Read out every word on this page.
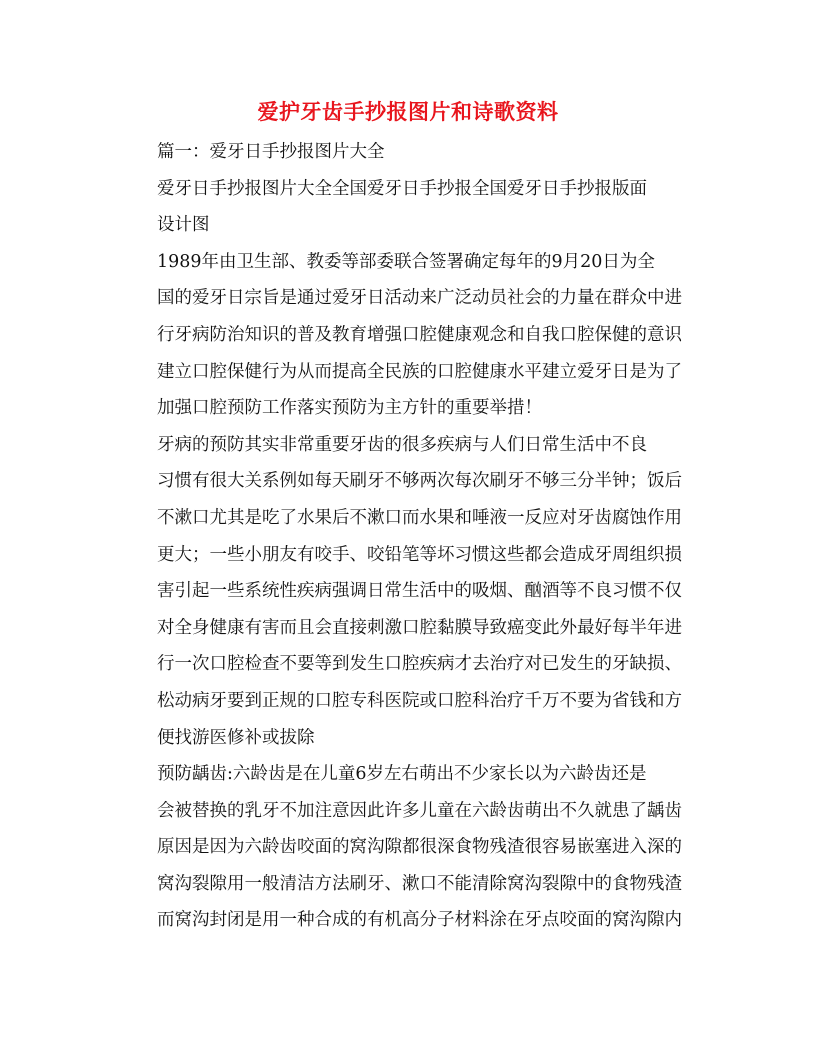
爱护牙齿手抄报图片和诗歌资料

篇一：爱牙日手抄报图片大全

爱牙日手抄报图片大全全国爱牙日手抄报全国爱牙日手抄报版面
设计图

1989年由卫生部、教委等部委联合签署确定每年的9月20日为全
国的爱牙日宗旨是通过爱牙日活动来广泛动员社会的力量在群众中进
行牙病防治知识的普及教育增强口腔健康观念和自我口腔保健的意识
建立口腔保健行为从而提高全民族的口腔健康水平建立爱牙日是为了
加强口腔预防工作落实预防为主方针的重要举措！

牙病的预防其实非常重要牙齿的很多疾病与人们日常生活中不良
习惯有很大关系例如每天刷牙不够两次每次刷牙不够三分半钟；饭后
不漱口尤其是吃了水果后不漱口而水果和唾液一反应对牙齿腐蚀作用
更大；一些小朋友有咬手、咬铅笔等坏习惯这些都会造成牙周组织损
害引起一些系统性疾病强调日常生活中的吸烟、酗酒等不良习惯不仅
对全身健康有害而且会直接刺激口腔黏膜导致癌变此外最好每半年进
行一次口腔检查不要等到发生口腔疾病才去治疗对已发生的牙缺损、
松动病牙要到正规的口腔专科医院或口腔科治疗千万不要为省钱和方
便找游医修补或拔除

预防龋齿:六龄齿是在儿童6岁左右萌出不少家长以为六龄齿还是
会被替换的乳牙不加注意因此许多儿童在六龄齿萌出不久就患了龋齿
原因是因为六龄齿咬面的窝沟隙都很深食物残渣很容易嵌塞进入深的
窝沟裂隙用一般清洁方法刷牙、漱口不能清除窝沟裂隙中的食物残渣
而窝沟封闭是用一种合成的有机高分子材料涂在牙点咬面的窝沟隙内
